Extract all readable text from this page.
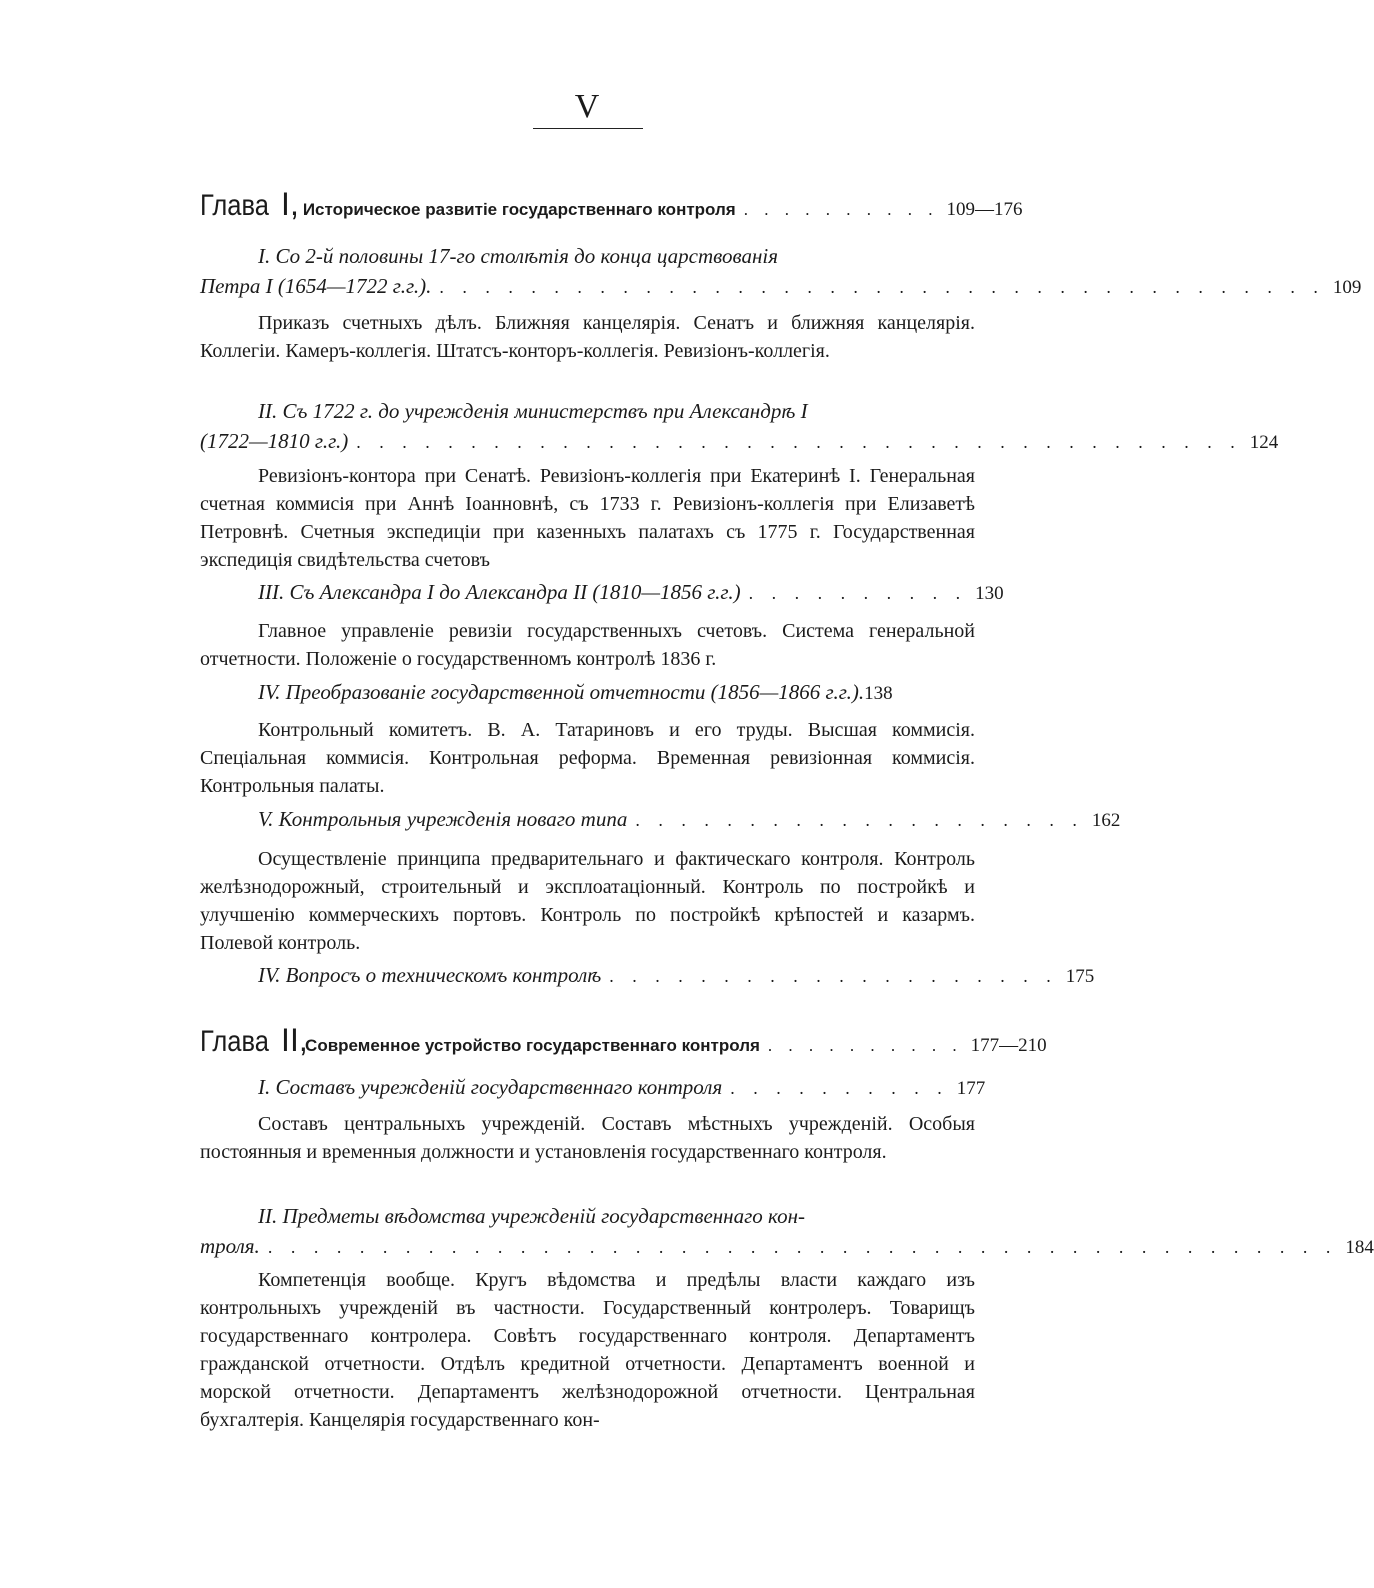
V
Глава I, Историческое развитіе государственнаго контроля . . . . . . . . . . 109—176
I. Со 2-й половины 17-го столѣтія до конца царствованія
Петра I (1654—1722 г.г.). . . . . . . . . . . . . . . . . . . . . . . . . . . . . . . . . . . . . . . . 109
Приказъ счетныхъ дѣлъ. Ближняя канцелярія. Сенатъ и ближняя канцелярія. Коллегіи. Камеръ-коллегія. Штатсъ-конторъ-коллегія. Ревизіонъ-коллегія.
II. Съ 1722 г. до учрежденія министерствъ при Александрѣ I
(1722—1810 г.г.) . . . . . . . . . . . . . . . . . . . . . . . . . . . . . . . . . . . . . . . 124
Ревизіонъ-контора при Сенатѣ. Ревизіонъ-коллегія при Екатеринѣ I. Генеральная счетная коммисія при Аннѣ Іоанновнѣ, съ 1733 г. Ревизіонъ-коллегія при Елизаветѣ Петровнѣ. Счетныя экспедиціи при казенныхъ палатахъ съ 1775 г. Государственная экспедиція свидѣтельства счетовъ
III. Съ Александра I до Александра II (1810—1856 г.г.) . . . . . . . . . . 130
Главное управленіе ревизіи государственныхъ счетовъ. Система генеральной отчетности. Положеніе о государственномъ контролѣ 1836 г.
IV. Преобразованіе государственной отчетности (1856—1866 г.г.). 138
Контрольный комитетъ. В. А. Татариновъ и его труды. Высшая коммисія. Спеціальная коммисія. Контрольная реформа. Временная ревизіонная коммисія. Контрольныя палаты.
V. Контрольныя учрежденія новаго типа . . . . . . . . . . . . . . . . . . . . 162
Осуществленіе принципа предварительнаго и фактическаго контроля. Контроль желѣзнодорожный, строительный и эксплоатаціонный. Контроль по постройкѣ и улучшенію коммерческихъ портовъ. Контроль по постройкѣ крѣпостей и казармъ. Полевой контроль.
IV. Вопросъ о техническомъ контролѣ . . . . . . . . . . . . . . . . . . . . 175
Глава II,
Современное устройство государственнаго контроля . . . . . . . . . . 177—210
I. Составъ учрежденій государственнаго контроля . . . . . . . . . . 177
Составъ центральныхъ учрежденій. Составъ мѣстныхъ учрежденій. Особыя постоянныя и временныя должности и установленія государственнаго контроля.
II. Предметы вѣдомства учрежденій государственнаго кон-
троля. . . . . . . . . . . . . . . . . . . . . . . . . . . . . . . . . . . . . . . . . . . . . . . . 184
Компетенція вообще. Кругъ вѣдомства и предѣлы власти каждаго изъ контрольныхъ учрежденій въ частности. Государственный контролеръ. Товарищъ государственнаго контролера. Совѣтъ государственнаго контроля. Департаментъ гражданской отчетности. Отдѣлъ кредитной отчетности. Департаментъ военной и морской отчетности. Департаментъ желѣзнодорожной отчетности. Центральная бухгалтерія. Канцелярія государственнаго кон-
